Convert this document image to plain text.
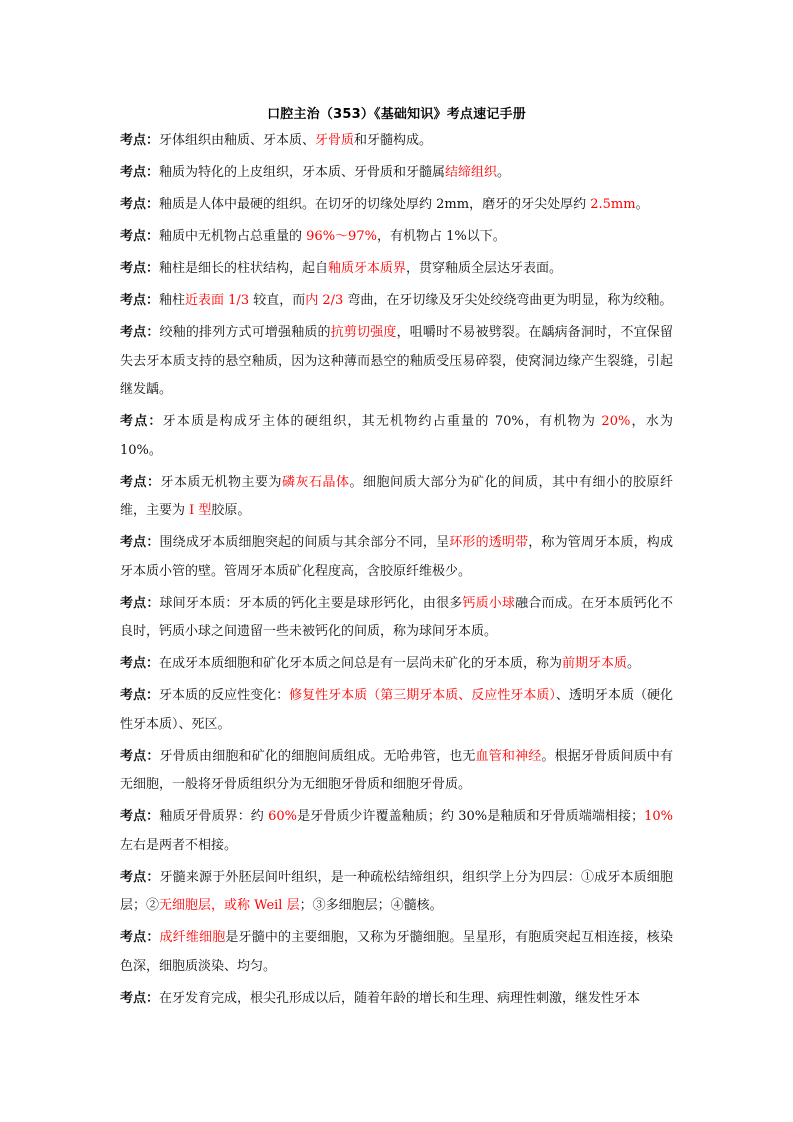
口腔主治（353）《基础知识》考点速记手册
考点：牙体组织由釉质、牙本质、牙骨质和牙髓构成。
考点：釉质为特化的上皮组织，牙本质、牙骨质和牙髓属结缔组织。
考点：釉质是人体中最硬的组织。在切牙的切缘处厚约 2mm，磨牙的牙尖处厚约 2.5mm。
考点：釉质中无机物占总重量的 96%～97%，有机物占 1%以下。
考点：釉柱是细长的柱状结构，起自釉质牙本质界，贯穿釉质全层达牙表面。
考点：釉柱近表面 1/3 较直，而内 2/3 弯曲，在牙切缘及牙尖处绞绕弯曲更为明显，称为绞釉。
考点：绞釉的排列方式可增强釉质的抗剪切强度，咀嚼时不易被劈裂。在龋病备洞时，不宜保留失去牙本质支持的悬空釉质，因为这种薄而悬空的釉质受压易碎裂，使窝洞边缘产生裂缝，引起继发龋。
考点：牙本质是构成牙主体的硬组织，其无机物约占重量的 70%，有机物为 20%，水为 10%。
考点：牙本质无机物主要为磷灰石晶体。细胞间质大部分为矿化的间质，其中有细小的胶原纤维，主要为 I 型胶原。
考点：围绕成牙本质细胞突起的间质与其余部分不同，呈环形的透明带，称为管周牙本质，构成牙本质小管的壁。管周牙本质矿化程度高，含胶原纤维极少。
考点：球间牙本质：牙本质的钙化主要是球形钙化，由很多钙质小球融合而成。在牙本质钙化不良时，钙质小球之间遗留一些未被钙化的间质，称为球间牙本质。
考点：在成牙本质细胞和矿化牙本质之间总是有一层尚未矿化的牙本质，称为前期牙本质。
考点：牙本质的反应性变化：修复性牙本质（第三期牙本质、反应性牙本质）、透明牙本质（硬化性牙本质）、死区。
考点：牙骨质由细胞和矿化的细胞间质组成。无哈弗管，也无血管和神经。根据牙骨质间质中有无细胞，一般将牙骨质组织分为无细胞牙骨质和细胞牙骨质。
考点：釉质牙骨质界：约 60%是牙骨质少许覆盖釉质；约 30%是釉质和牙骨质端端相接；10%左右是两者不相接。
考点：牙髓来源于外胚层间叶组织，是一种疏松结缔组织，组织学上分为四层：①成牙本质细胞层；②无细胞层，或称 Weil 层；③多细胞层；④髓核。
考点：成纤维细胞是牙髓中的主要细胞，又称为牙髓细胞。呈星形，有胞质突起互相连接，核染色深，细胞质淡染、均匀。
考点：在牙发育完成，根尖孔形成以后，随着年龄的增长和生理、病理性刺激，继发性牙本
